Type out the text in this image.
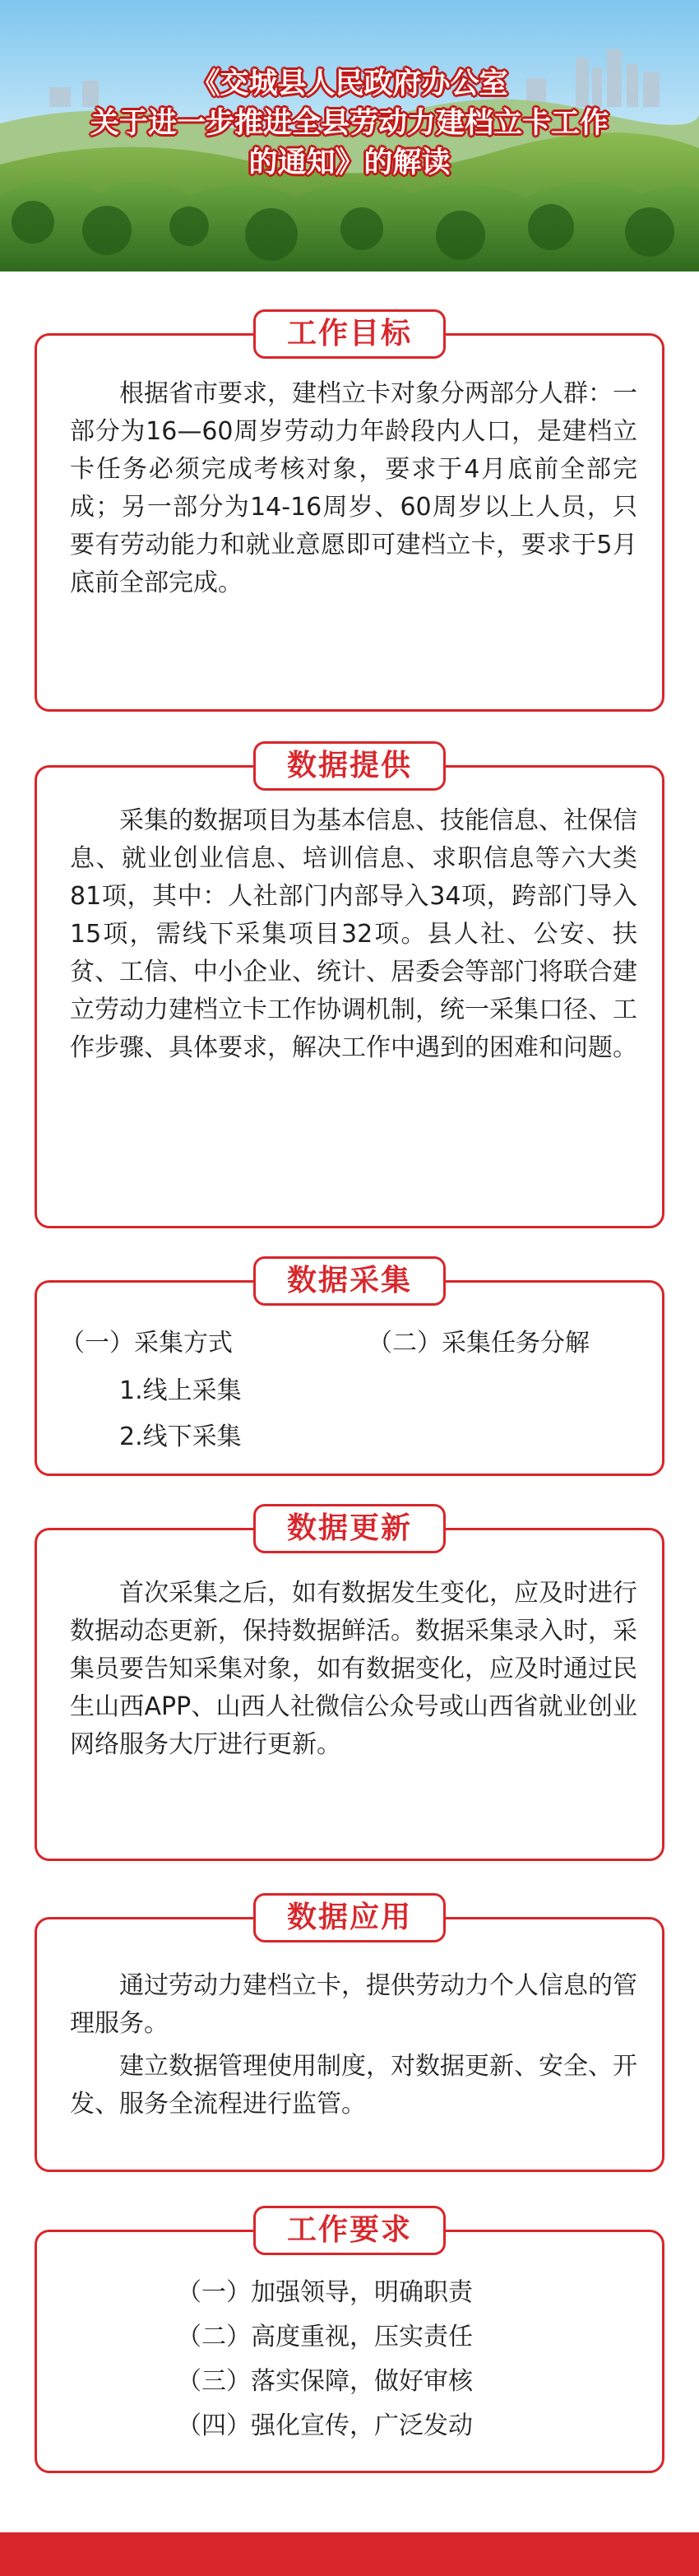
《交城县人民政府办公室
关于进一步推进全县劳动力建档立卡工作
的通知》的解读
工作目标

根据省市要求，建档立卡对象分两部分人群：一部分为16—60周岁劳动力年龄段内人口，是建档立卡任务必须完成考核对象，要求于4月底前全部完成；另一部分为14-16周岁、60周岁以上人员，只要有劳动能力和就业意愿即可建档立卡，要求于5月底前全部完成。

数据提供

采集的数据项目为基本信息、技能信息、社保信息、就业创业信息、培训信息、求职信息等六大类81项，其中：人社部门内部导入34项，跨部门导入15项，需线下采集项目32项。县人社、公安、扶贫、工信、中小企业、统计、居委会等部门将联合建立劳动力建档立卡工作协调机制，统一采集口径、工作步骤、具体要求，解决工作中遇到的困难和问题。

数据采集
（一）采集方式	（二）采集任务分解
1.线上采集
2.线下采集
数据更新

首次采集之后，如有数据发生变化，应及时进行数据动态更新，保持数据鲜活。数据采集录入时，采集员要告知采集对象，如有数据变化，应及时通过民生山西APP、山西人社微信公众号或山西省就业创业网络服务大厅进行更新。

数据应用

通过劳动力建档立卡，提供劳动力个人信息的管理服务。

建立数据管理使用制度，对数据更新、安全、开发、服务全流程进行监管。

工作要求
（一）加强领导，明确职责
（二）高度重视，压实责任
（三）落实保障，做好审核
（四）强化宣传，广泛发动
